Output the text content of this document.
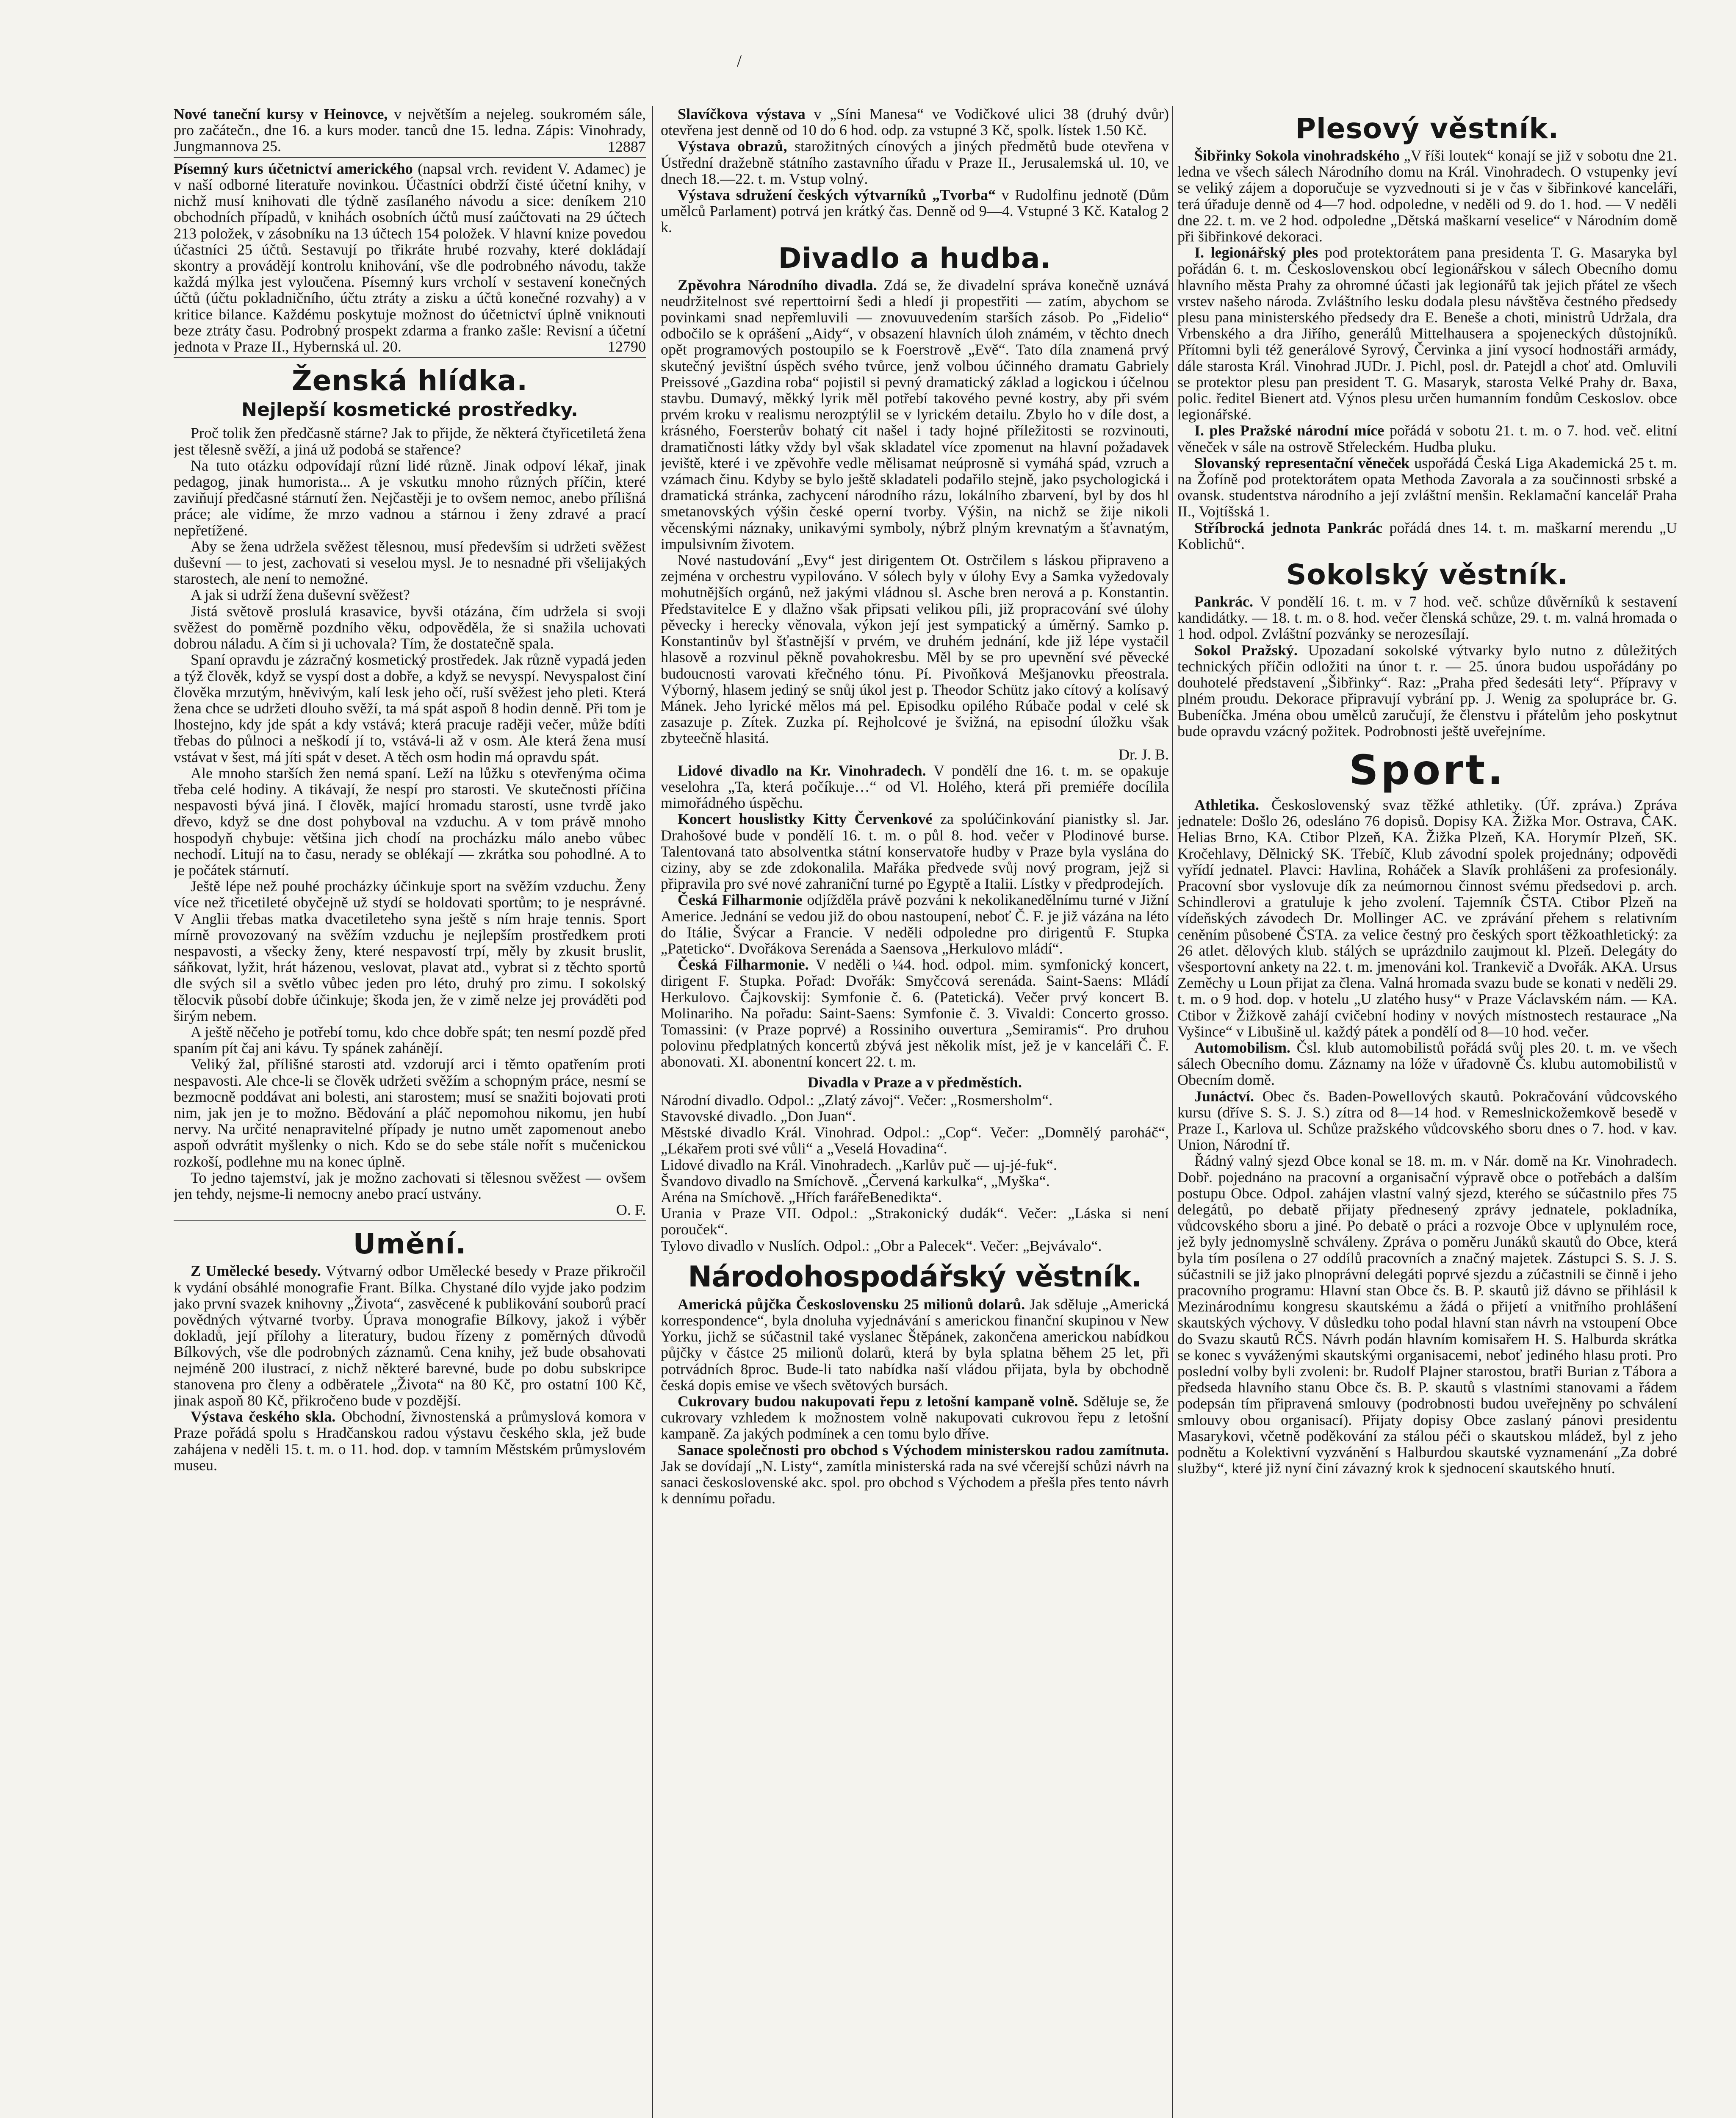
/
Nové taneční kursy v Heinovce, v největším a nejeleg. soukromém sále, pro začátečn., dne 16. a kurs moder. tanců dne 15. ledna. Zápis: Vinohrady, Jungmannova 25.	12887
Písemný kurs účetnictví amerického (napsal vrch. revident V. Adamec) je v naší odborné literatuře novinkou. Účastníci obdrží čisté účetní knihy, v nichž musí knihovati dle týdně zasílaného návodu a sice: deníkem 210 obchodních případů, v knihách osobních účtů musí zaúčtovati na 29 účtech 213 položek, v zásobníku na 13 účtech 154 položek. V hlavní knize povedou účastníci 25 účtů. Sestavují po třikráte hrubé rozvahy, které dokládají skontry a provádějí kontrolu knihování, vše dle podrobného návodu, takže každá mýlka jest vyloučena. Písemný kurs vrcholí v sestavení konečných účtů (účtu pokladničního, účtu ztráty a zisku a účtů konečné rozvahy) a v kritice bilance. Každému poskytuje možnost do účetnictví úplně vniknouti beze ztráty času. Podrobný prospekt zdarma a franko zašle: Revisní a účetní jednota v Praze II., Hybernská ul. 20.	12790
Ženská hlídka.
Nejlepší kosmetické prostředky.

Proč tolik žen předčasně stárne? Jak to přijde, že některá čtyřicetiletá žena jest tělesně svěží, a jiná už podobá se stařence?

Na tuto otázku odpovídají různí lidé různě. Jinak odpoví lékař, jinak pedagog, jinak humorista... A je vskutku mnoho různých příčin, které zaviňují předčasné stárnutí žen. Nejčastěji je to ovšem nemoc, anebo přílišná práce; ale vidíme, že mrzo vadnou a stárnou i ženy zdravé a prací nepřetížené.

Aby se žena udržela svěžest tělesnou, musí především si udržeti svěžest duševní — to jest, zachovati si veselou mysl. Je to nesnadné při všelijakých starostech, ale není to nemožné.

A jak si udrží žena duševní svěžest?

Jistá světově proslulá krasavice, byvši otázána, čím udržela si svoji svěžest do poměrně pozdního věku, odpověděla, že si snažila uchovati dobrou náladu. A čím si ji uchovala? Tím, že dostatečně spala.

Spaní opravdu je zázračný kosmetický prostředek. Jak různě vypadá jeden a týž člověk, když se vyspí dost a dobře, a když se nevyspí. Nevyspalost činí člověka mrzutým, hněvivým, kalí lesk jeho očí, ruší svěžest jeho pleti. Která žena chce se udržeti dlouho svěží, ta má spát aspoň 8 hodin denně. Při tom je lhostejno, kdy jde spát a kdy vstává; která pracuje raději večer, může bdíti třebas do půlnoci a neškodí jí to, vstává-li až v osm. Ale která žena musí vstávat v šest, má jíti spát v deset. A těch osm hodin má opravdu spát.

Ale mnoho starších žen nemá spaní. Leží na lůžku s otevřenýma očima třeba celé hodiny. A tikávají, že nespí pro starosti. Ve skutečnosti příčina nespavosti bývá jiná. I člověk, mající hromadu starostí, usne tvrdě jako dřevo, když se dne dost pohyboval na vzduchu. A v tom právě mnoho hospodyň chybuje: většina jich chodí na procházku málo anebo vůbec nechodí. Litují na to času, nerady se oblékají — zkrátka sou pohodlné. A to je počátek stárnutí.

Ještě lépe než pouhé procházky účinkuje sport na svěžím vzduchu. Ženy více než třicetileté obyčejně už stydí se holdovati sportům; to je nesprávné. V Anglii třebas matka dvacetileteho syna ještě s ním hraje tennis. Sport mírně provozovaný na svěžím vzduchu je nejlepším prostředkem proti nespavosti, a všecky ženy, které nespavostí trpí, měly by zkusit bruslit, sáňkovat, lyžit, hrát házenou, veslovat, plavat atd., vybrat si z těchto sportů dle svých sil a světlo vůbec jeden pro léto, druhý pro zimu. I sokolský tělocvik působí dobře účinkuje; škoda jen, že v zimě nelze jej prováděti pod širým nebem.

A ještě něčeho je potřebí tomu, kdo chce dobře spát; ten nesmí pozdě před spaním pít čaj ani kávu. Ty spánek zahánějí.

Veliký žal, přílišné starosti atd. vzdorují arci i těmto opatřením proti nespavosti. Ale chce-li se člověk udržeti svěžím a schopným práce, nesmí se bezmocně poddávat ani bolesti, ani starostem; musí se snažiti bojovati proti nim, jak jen je to možno. Bědování a pláč nepomohou nikomu, jen hubí nervy. Na určité nenapravitelné případy je nutno umět zapomenout anebo aspoň odvrátit myšlenky o nich. Kdo se do sebe stále nořít s mučenickou rozkoší, podlehne mu na konec úplně.

To jedno tajemství, jak je možno zachovati si tělesnou svěžest — ovšem jen tehdy, nejsme-li nemocny anebo prací ustvány.

O. F.

Umění.

Z Umělecké besedy. Výtvarný odbor Umělecké besedy v Praze přikročil k vydání obsáhlé monografie Frant. Bílka. Chystané dílo vyjde jako podzim jako první svazek knihovny „Života“, zasvěcené k publikování souborů prací povědných výtvarné tvorby. Úprava monografie Bílkovy, jakož i výběr dokladů, její přílohy a literatury, budou řízeny z poměrných důvodů Bílkových, vše dle podrobných záznamů. Cena knihy, jež bude obsahovati nejméně 200 ilustrací, z nichž některé barevné, bude po dobu subskripce stanovena pro členy a odběratele „Života“ na 80 Kč, pro ostatní 100 Kč, jinak aspoň 80 Kč, přikročeno bude v pozdější.

Výstava českého skla. Obchodní, živnostenská a průmyslová komora v Praze pořádá spolu s Hradčanskou radou výstavu českého skla, jež bude zahájena v neděli 15. t. m. o 11. hod. dop. v tamním Městském průmyslovém museu.

Slavíčkova výstava v „Síni Manesa“ ve Vodičkové ulici 38 (druhý dvůr) otevřena jest denně od 10 do 6 hod. odp. za vstupné 3 Kč, spolk. lístek 1.50 Kč.

Výstava obrazů, starožitných cínových a jiných předmětů bude otevřena v Ústřední dražebně státního zastavního úřadu v Praze II., Jerusalemská ul. 10, ve dnech 18.—22. t. m. Vstup volný.

Výstava sdružení českých výtvarníků „Tvorba“ v Rudolfinu jednotě (Dům umělců Parlament) potrvá jen krátký čas. Denně od 9—4. Vstupné 3 Kč. Katalog 2 k.

Divadlo a hudba.

Zpěvohra Národního divadla. Zdá se, že divadelní správa konečně uznává neudržitelnost své reperttoirní šedi a hledí ji propestřiti — zatím, abychom se povinkami snad nepřemluvili — znovuuvedením starších zásob. Po „Fidelio“ odbočilo se k oprášení „Aidy“, v obsazení hlavních úloh známém, v těchto dnech opět programových postoupilo se k Foerstrově „Evě“. Tato díla znamená prvý skutečný jevištní úspěch svého tvůrce, jenž volbou účinného dramatu Gabriely Preissové „Gazdina roba“ pojistil si pevný dramatický základ a logickou i účelnou stavbu. Dumavý, měkký lyrik měl potřebí takového pevné kostry, aby při svém prvém kroku v realismu nerozptýlil se v lyrickém detailu. Zbylo ho v díle dost, a krásného, Foersterův bohatý cit našel i tady hojné příležitosti se rozvinouti, dramatičnosti látky vždy byl však skladatel více zpomenut na hlavní požadavek jeviště, které i ve zpěvohře vedle mělisamat neúprosně si vymáhá spád, vzruch a vzámach činu. Kdyby se bylo ještě skladateli podařilo stejně, jako psychologická i dramatická stránka, zachycení národního rázu, lokálního zbarvení, byl by dos hl smetanovských výšin české operní tvorby. Výšin, na nichž se žije nikoli věcenskými náznaky, unikavými symboly, nýbrž plným krevnatým a šťavnatým, impulsivním životem.

Nové nastudování „Evy“ jest dirigentem Ot. Ostrčilem s láskou připraveno a zejména v orchestru vypilováno. V sólech byly v úlohy Evy a Samka vyžedovaly mohutnějších orgánů, než jakými vládnou sl. Asche bren nerová a p. Konstantin. Představitelce E y dlažno však připsati velikou píli, již propracování své úlohy pěvecky i herecky věnovala, výkon její jest sympatický a úměrný. Samko p. Konstantinův byl šťastnější v prvém, ve druhém jednání, kde již lépe vystačil hlasově a rozvinul pěkně povahokresbu. Měl by se pro upevnění své pěvecké budoucnosti varovati křečného tónu. Pí. Pivoňková Mešjanovku přeostrala. Výborný, hlasem jediný se snůj úkol jest p. Theodor Schütz jako cítový a kolísavý Mánek. Jeho lyrické mělos má pel. Episodku opilého Rúbače podal v celé sk zasazuje p. Zítek. Zuzka pí. Rejholcové je švižná, na episodní úložku však zbyteečně hlasitá.

Dr. J. B.

Lidové divadlo na Kr. Vinohradech. V pondělí dne 16. t. m. se opakuje veselohra „Ta, která počíkuje…“ od Vl. Holého, která při premiéře docílila mimořádného úspěchu.

Koncert houslistky Kitty Červenkové za spolúčinkování pianistky sl. Jar. Drahošové bude v pondělí 16. t. m. o půl 8. hod. večer v Plodinové burse. Talentovaná tato absolventka státní konservatoře hudby v Praze byla vyslána do ciziny, aby se zde zdokonalila. Mařáka předvede svůj nový program, jejž si připravila pro své nové zahraniční turné po Egyptě a Italii. Lístky v předprodejích.

Česká Filharmonie odjížděla právě pozváni k nekolikanedělnímu turné v Jižní Americe. Jednání se vedou již do obou nastoupení, neboť Č. F. je již vázána na léto do Itálie, Švýcar a Francie. V neděli odpoledne pro dirigentů F. Stupka „Pateticko“. Dvořákova Serenáda a Saensova „Herkulovo mládí“.

Česká Filharmonie. V neděli o ¼4. hod. odpol. mim. symfonický koncert, dirigent F. Stupka. Pořad: Dvořák: Smyčcová serenáda. Saint-Saens: Mládí Herkulovo. Čajkovskij: Symfonie č. 6. (Patetická). Večer prvý koncert B. Molinariho. Na pořadu: Saint-Saens: Symfonie č. 3. Vivaldi: Concerto grosso. Tomassini: (v Praze poprvé) a Rossiniho ouvertura „Semiramis“. Pro druhou polovinu předplatných koncertů zbývá jest několik míst, jež je v kanceláři Č. F. abonovati. XI. abonentní koncert 22. t. m.

Divadla v Praze a v předměstích.

Národní divadlo. Odpol.: „Zlatý závoj“. Večer: „Rosmersholm“.

Stavovské divadlo. „Don Juan“.

Městské divadlo Král. Vinohrad. Odpol.: „Cop“. Večer: „Domnělý paroháč“, „Lékařem proti své vůli“ a „Veselá Hovadina“.

Lidové divadlo na Král. Vinohradech. „Karlův puč — uj-jé-fuk“.

Švandovo divadlo na Smíchově. „Červená karkulka“, „Myška“.

Aréna na Smíchově. „Hřích farářeBenedikta“.

Urania v Praze VII. Odpol.: „Strakonický dudák“. Večer: „Láska si není porouček“.

Tylovo divadlo v Nuslích. Odpol.: „Obr a Palecek“. Večer: „Bejvávalo“.

Národohospodářský věstník.

Americká půjčka Československu 25 milionů dolarů. Jak sděluje „Americká korrespondence“, byla dnoluha vyjednávání s americkou finanční skupinou v New Yorku, jichž se súčastnil také vyslanec Štěpánek, zakončena americkou nabídkou půjčky v částce 25 milionů dolarů, která by byla splatna během 25 let, při potrvádních 8proc. Bude-li tato nabídka naší vládou přijata, byla by obchodně česká dopis emise ve všech světových bursách.

Cukrovary budou nakupovati řepu z letošní kampaně volně. Sděluje se, že cukrovary vzhledem k možnostem volně nakupovati cukrovou řepu z letošní kampaně. Za jakých podmínek a cen tomu bylo dříve.

Sanace společnosti pro obchod s Východem ministerskou radou zamítnuta. Jak se dovídají „N. Listy“, zamítla ministerská rada na své včerejší schůzi návrh na sanaci československé akc. spol. pro obchod s Východem a přešla přes tento návrh k dennímu pořadu.

Plesový věstník.

Šibřinky Sokola vinohradského „V říši loutek“ konají se již v sobotu dne 21. ledna ve všech sálech Národního domu na Král. Vinohradech. O vstupenky jeví se veliký zájem a doporučuje se vyzvednouti si je v čas v šibřinkové kanceláři, terá úřaduje denně od 4—7 hod. odpoledne, v neděli od 9. do 1. hod. — V neděli dne 22. t. m. ve 2 hod. odpoledne „Dětská maškarní veselice“ v Národním domě při šibřinkové dekoraci.

I. legionářský ples pod protektorátem pana presidenta T. G. Masaryka byl pořádán 6. t. m. Československou obcí legionářskou v sálech Obecního domu hlavního města Prahy za ohromné účasti jak legionářů tak jejich přátel ze všech vrstev našeho národa. Zvláštního lesku dodala plesu návštěva čestného předsedy plesu pana ministerského předsedy dra E. Beneše a choti, ministrů Udržala, dra Vrbenského a dra Jiřího, generálů Mittelhausera a spojeneckých důstojníků. Přítomni byli též generálové Syrový, Červinka a jiní vysocí hodnostáři armády, dále starosta Král. Vinohrad JUDr. J. Pichl, posl. dr. Patejdl a choť atd. Omluvili se protektor plesu pan president T. G. Masaryk, starosta Velké Prahy dr. Baxa, polic. ředitel Bienert atd. Výnos plesu určen humanním fondům Ceskoslov. obce legionářské.

I. ples Pražské národní míce pořádá v sobotu 21. t. m. o 7. hod. več. elitní věneček v sále na ostrově Střeleckém. Hudba pluku.

Slovanský representační věneček uspořádá Česká Liga Akademická 25 t. m. na Žofíně pod protektorátem opata Methoda Zavorala a za součinnosti srbské a ovansk. studentstva národního a její zvláštní menšin. Reklamační kancelář Praha II., Vojtíšská 1.

Stříbrocká jednota Pankrác pořádá dnes 14. t. m. maškarní merendu „U Koblichů“.

Sokolský věstník.

Pankrác. V pondělí 16. t. m. v 7 hod. več. schůze důvěrníků k sestavení kandidátky. — 18. t. m. o 8. hod. večer členská schůze, 29. t. m. valná hromada o 1 hod. odpol. Zvláštní pozvánky se nerozesílají.

Sokol Pražský. Upozadaní sokolské výtvarky bylo nutno z důležitých technických příčin odložiti na únor t. r. — 25. února budou uspořádány po douhotelé představení „Šibřinky“. Raz: „Praha před šedesáti lety“. Přípravy v plném proudu. Dekorace připravují vybrání pp. J. Wenig za spolupráce br. G. Bubeníčka. Jména obou umělců zaručují, že členstvu i přátelům jeho poskytnut bude opravdu vzácný požitek. Podrobnosti ještě uveřejníme.

Sport.

Athletika. Československý svaz těžké athletiky. (Úř. zpráva.) Zpráva jednatele: Došlo 26, odesláno 76 dopisů. Dopisy KA. Žižka Mor. Ostrava, ČAK. Helias Brno, KA. Ctibor Plzeň, KA. Žižka Plzeň, KA. Horymír Plzeň, SK. Kročehlavy, Dělnický SK. Třebíč, Klub závodní spolek projednány; odpovědi vyřídí jednatel. Plavci: Havlina, Roháček a Slavík prohlášeni za profesionály. Pracovní sbor vyslovuje dík za neúmornou činnost svému předsedovi p. arch. Schindlerovi a gratuluje k jeho zvolení. Tajemník ČSTA. Ctibor Plzeň na vídeňských závodech Dr. Mollinger AC. ve zprávání přehem s relativním ceněním působené ČSTA. za velice čestný pro českých sport těžkoathletický: za 26 atlet. dělových klub. stálých se uprázdnilo zaujmout kl. Plzeň. Delegáty do všesportovní ankety na 22. t. m. jmenováni kol. Trankevič a Dvořák. AKA. Ursus Zeměchy u Loun přijat za člena. Valná hromada svazu bude se konati v neděli 29. t. m. o 9 hod. dop. v hotelu „U zlatého husy“ v Praze Václavském nám. — KA. Ctibor v Žižkově zahájí cvičební hodiny v nových místnostech restaurace „Na Vyšince“ v Libušině ul. každý pátek a pondělí od 8—10 hod. večer.

Automobilism. Čsl. klub automobilistů pořádá svůj ples 20. t. m. ve všech sálech Obecního domu. Záznamy na lóže v úřadovně Čs. klubu automobilistů v Obecním domě.

Junáctví. Obec čs. Baden-Powellových skautů. Pokračování vůdcovského kursu (dříve S. S. J. S.) zítra od 8—14 hod. v Remeslnickožemkově besedě v Praze I., Karlova ul. Schůze pražského vůdcovského sboru dnes o 7. hod. v kav. Union, Národní tř.

Řádný valný sjezd Obce konal se 18. m. m. v Nár. domě na Kr. Vinohradech. Dobř. pojednáno na pracovní a organisační výpravě obce o potřebách a dalším postupu Obce. Odpol. zahájen vlastní valný sjezd, kterého se súčastnilo přes 75 delegátů, po debatě přijaty přednesený zprávy jednatele, pokladníka, vůdcovského sboru a jiné. Po debatě o práci a rozvoje Obce v uplynulém roce, jež byly jednomyslně schváleny. Zpráva o poměru Junáků skautů do Obce, která byla tím posílena o 27 oddílů pracovních a značný majetek. Zástupci S. S. J. S. súčastnili se již jako plnoprávní delegáti poprvé sjezdu a zúčastnili se činně i jeho pracovního programu: Hlavní stan Obce čs. B. P. skautů již dávno se přihlásil k Mezinárodnímu kongresu skautskému a žádá o přijetí a vnitřního prohlášení skautských výchovy. V důsledku toho podal hlavní stan návrh na vstoupení Obce do Svazu skautů RČS. Návrh podán hlavním komisařem H. S. Halburda skrátka se konec s vyváženými skautskými organisacemi, neboť jediného hlasu proti. Pro poslední volby byli zvoleni: br. Rudolf Plajner starostou, bratři Burian z Tábora a předseda hlavního stanu Obce čs. B. P. skautů s vlastními stanovami a řádem podepsán tím připravená smlouvy (podrobnosti budou uveřejněny po schválení smlouvy obou organisací). Přijaty dopisy Obce zaslaný pánovi presidentu Masarykovi, včetně poděkování za stálou péči o skautskou mládež, byl z jeho podnětu a Kolektivní vyzvánění s Halburdou skautské vyznamenání „Za dobré služby“, které již nyní činí závazný krok k sjednocení skautského hnutí.
